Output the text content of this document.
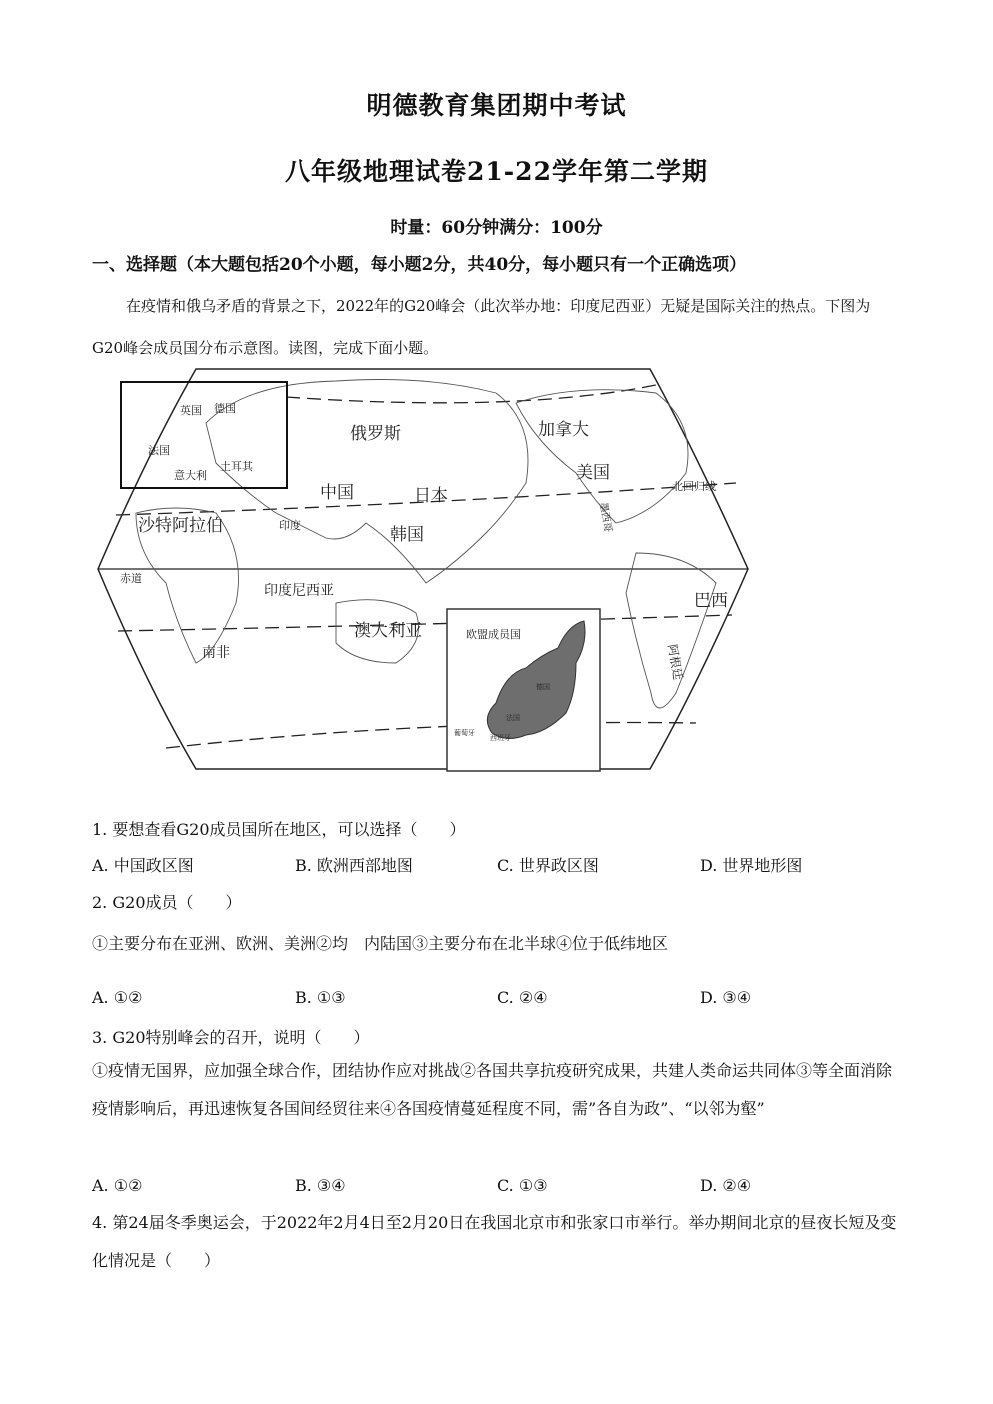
明德教育集团期中考试
八年级地理试卷21-22学年第二学期
时量：60分钟满分：100分
一、选择题（本大题包括20个小题，每小题2分，共40分，每小题只有一个正确选项）
在疫情和俄乌矛盾的背景之下，2022年的G20峰会（此次举办地：印度尼西亚）无疑是国际关注的热点。下图为G20峰会成员国分布示意图。读图，完成下面小题。
英国 德国
法国
意大利
土耳其
俄罗斯	加拿大
美国
中国	日本
韩国
沙特阿拉伯	印度	墨西哥
北回归线
赤道
印度尼西亚	巴西
澳大利亚
南非	阿根廷
欧盟成员国
德国
法国
西班牙
葡萄牙
1. 要想查看G20成员国所在地区，可以选择（　　）
A. 中国政区图	B. 欧洲西部地图	C. 世界政区图	D. 世界地形图
2. G20成员（　　）
①主要分布在亚洲、欧洲、美洲②均　内陆国③主要分布在北半球④位于低纬地区
A. ①②	B. ①③	C. ②④	D. ③④
3. G20特别峰会的召开，说明（　　）
①疫情无国界，应加强全球合作，团结协作应对挑战②各国共享抗疫研究成果，共建人类命运共同体③等全面消除疫情影响后，再迅速恢复各国间经贸往来④各国疫情蔓延程度不同，需”各自为政”、“以邻为壑”
A. ①②	B. ③④	C. ①③	D. ②④
4. 第24届冬季奥运会，于2022年2月4日至2月20日在我国北京市和张家口市举行。举办期间北京的昼夜长短及变化情况是（　　）
